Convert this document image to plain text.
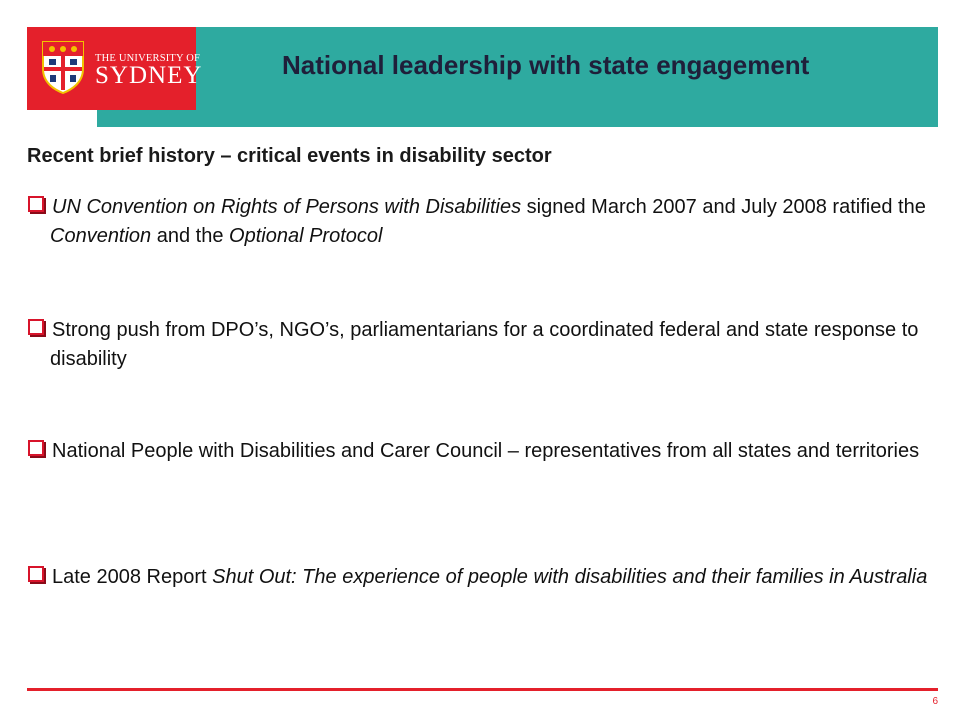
THE UNIVERSITY OF
SYDNEY	National leadership with state engagement

Recent brief history – critical events in disability sector

UN Convention on Rights of Persons with Disabilities signed March 2007 and July 2008 ratified the Convention and the Optional Protocol

Strong push from DPO’s, NGO’s, parliamentarians for a coordinated federal and state response to disability

National People with Disabilities and Carer Council – representatives from all states and territories

Late 2008 Report Shut Out: The experience of people with disabilities and their families in Australia

6
